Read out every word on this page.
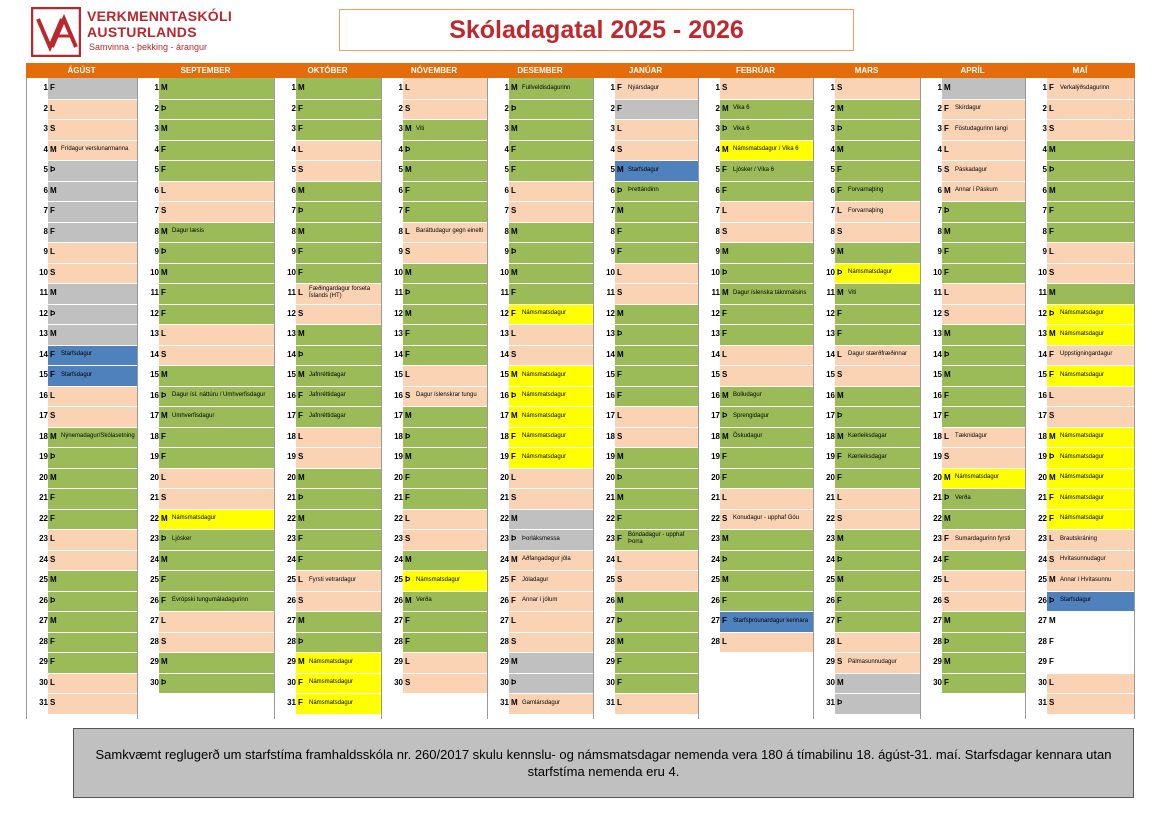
VERKMENNTASKÓLI
AUSTURLANDS
Samvinna - þekking - árangur
Skóladagatal 2025 - 2026
ÁGÚST
1 F
2 L
3 S
4 M Frídagur verslunarmanna
5 Þ
6 M
7 F
8 F
9 L
10 S
11 M
12 Þ
13 M
14 F	Starfsdagur
15 F	Starfsdagur
16 L
17 S
18 M Nýnemadagur/Skólasetning
19 Þ
20 M
21 F
22 F
23 L
24 S
25 M
26 Þ
27 M
28 F
29 F
30 L
31 S
SEPTEMBER
1 M
2 Þ
3 M
4 F
5 F
6 L
7 S
8 M Dagur læsis
9 Þ
10 M
11 F
12 F
13 L
14 S
15 M
16 Þ Dagur ísl. náttúru / Umhverfisdagur
17 M Umhverfisdagur
18 F
19 F
20 L
21 S
22 M Námsmatsdagur
23 Þ Ljósker
24 M
25 F
26 F	Evrópski tungumáladagurinn
27 L
28 S
29 M
30 Þ
OKTÓBER
1 M
2 F
3 F
4 L
5 S
6 M
7 Þ
8 M
9 F
10 F
11 L	Fæðingardagur forseta Íslands (HT)
12 S
13 M
14 Þ
15 M Jafnréttidagar
16 F	Jafnréttidagar
17 F	Jafnréttidagar
18 L
19 S
20 M
21 Þ
22 M
23 F
24 F
25 L	Fyrsti vetrardagur
26 S
27 M
28 Þ
29 M Námsmatsdagur
30 F	Námsmatsdagur
31 F	Námsmatsdagur
NÓVEMBER
1 L
2 S
3 M Viti
4 Þ
5 M
6 F
7 F
8 L	Baráttudagur gegn einelti
9 S
10 M
11 Þ
12 M
13 F
14 F
15 L
16 S Dagur íslenskrar tungu
17 M
18 Þ
19 M
20 F
21 F
22 L
23 S
24 M
25 Þ Námsmatsdagur
26 M Verða
27 F
28 F
29 L
30 S
DESEMBER
1 M Fullveldisdagurinn
2 Þ
3 M
4 F
5 F
6 L
7 S
8 M
9 Þ
10 M
11 F
12 F	Námsmatsdagur
13 L
14 S
15 M Námsmatsdagur
16 Þ Námsmatsdagur
17 M Námsmatsdagur
18 F	Námsmatsdagur
19 F	Námsmatsdagur
20 L
21 S
22 M
23 Þ Þorláksmessa
24 M Aðfangadagur jóla
25 F	Jóladagur
26 F	Annar í jólum
27 L
28 S
29 M
30 Þ
31 M Gamlársdagur
JANÚAR
1 F	Nýársdagur
2 F
3 L
4 S
5 M Starfsdagur
6 Þ Þrettándinn
7 M
8 F
9 F
10 L
11 S
12 M
13 Þ
14 M
15 F
16 F
17 L
18 S
19 M
20 Þ
21 M
22 F
23 F	Bóndadagur - upphaf Þorra
24 L
25 S
26 M
27 Þ
28 M
29 F
30 F
31 L
FEBRÚAR
1 S
2 M Vika 6
3 Þ Vika 6
4 M Námsmatsdagur / Vika 6
5 F	Ljósker / Vika 6
6 F
7 L
8 S
9 M
10 Þ
11 M Dagur íslenska táknmálsins
12 F
13 F
14 L
15 S
16 M Bolludagur
17 Þ Sprengidagur
18 M Öskudagur
19 F
20 F
21 L
22 S Konudagur - upphaf Góu
23 M
24 Þ
25 M
26 F
27 F	Starfsþróunardagur kennara
28 L
MARS
1 S
2 M
3 Þ
4 M
5 F
6 F	Forvarnaþing
7 L	Forvarnaþing
8 S
9 M
10 Þ Námsmatsdagur
11 M Viti
12 F
13 F
14 L	Dagur stærðfræðinnar
15 S
16 M
17 Þ
18 M Kærleiksdagar
19 F	Kærleiksdagar
20 F
21 L
22 S
23 M
24 Þ
25 M
26 F
27 F
28 L
29 S Pálmasunnudagur
30 M
31 Þ
APRÍL
1 M
2 F	Skírdagur
3 F	Föstudagurinn langi
4 L
5 S Páskadagur
6 M Annar í Páskum
7 Þ
8 M
9 F
10 F
11 L
12 S
13 M
14 Þ
15 M
16 F
17 F
18 L	Tæknidagur
19 S
20 M Námsmatsdagur
21 Þ Verða
22 M
23 F	Sumardagurinn fyrsti
24 F
25 L
26 S
27 M
28 Þ
29 M
30 F
MAÍ
1 F	Verkalýðsdagurinn
2 L
3 S
4 M
5 Þ
6 M
7 F
8 F
9 L
10 S
11 M
12 Þ Námsmatsdagur
13 M Námsmatsdagur
14 F	Uppstigningardagur
15 F	Námsmatsdagur
16 L
17 S
18 M Námsmatsdagur
19 Þ Námsmatsdagur
20 M Námsmatsdagur
21 F	Námsmatsdagur
22 F	Námsmatsdagur
23 L	Brautskráning
24 S Hvítasunnudagur
25 M Annar í Hvítasunnu
26 Þ Starfsdagur
27 M
28 F
29 F
30 L
31 S
Samkvæmt reglugerð um starfstíma framhaldsskóla nr. 260/2017 skulu kennslu- og námsmatsdagar nemenda vera 180 á tímabilinu 18. ágúst-31. maí. Starfsdagar kennara utan starfstíma nemenda eru 4.
